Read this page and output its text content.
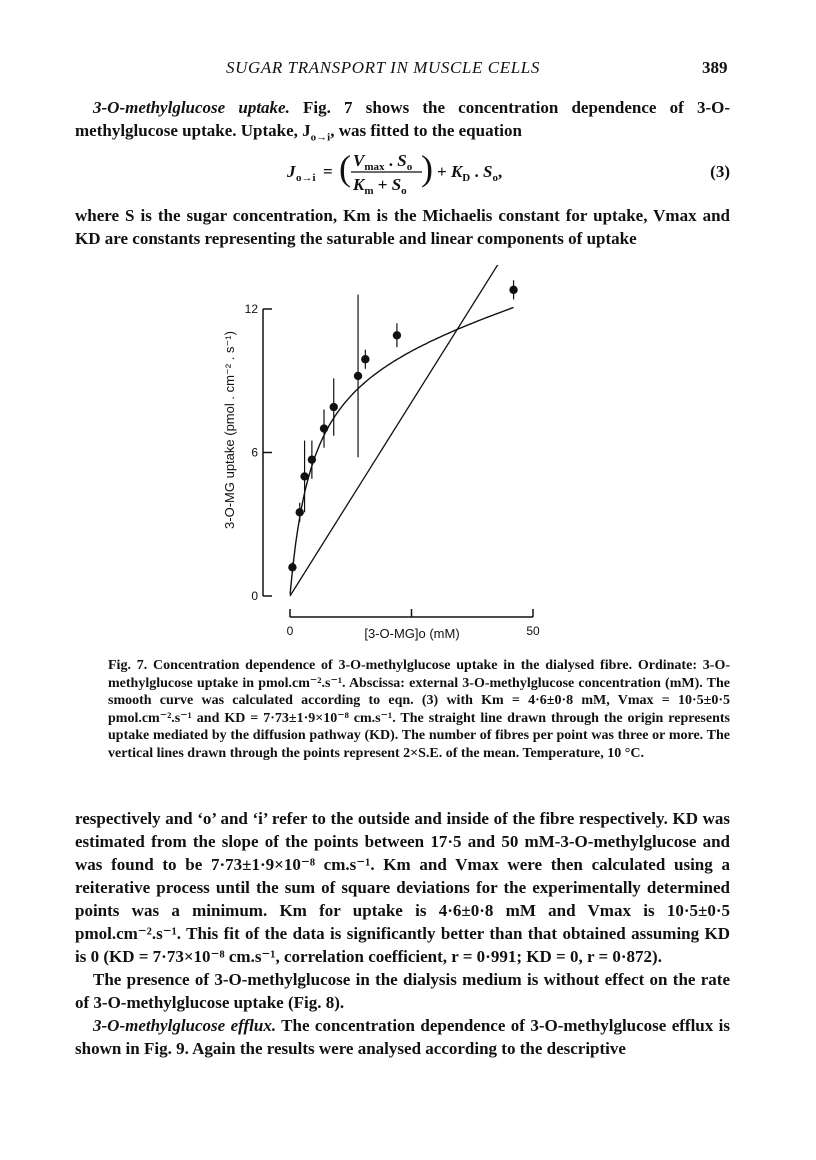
SUGAR TRANSPORT IN MUSCLE CELLS	389

3-O-methylglucose uptake. Fig. 7 shows the concentration dependence of 3-O-methylglucose uptake. Uptake, $J_{o\to i}$, was fitted to the equation

J o→i = ( $V_{max}$ . $S_o$
$K_m + S_o$
) + $K_D$ . $S_o$,	(3)

where S is the sugar concentration, Km is the Michaelis constant for uptake, Vmax and KD are constants representing the saturable and linear components of uptake

0
6
12
0	50
3-O-MG uptake (pmol . cm⁻² . s⁻¹)
[3-O-MG]o (mM)

Fig. 7. Concentration dependence of 3-O-methylglucose uptake in the dialysed fibre. Ordinate: 3-O-methylglucose uptake in pmol.cm⁻².s⁻¹. Abscissa: external 3-O-methylglucose concentration (mM). The smooth curve was calculated according to eqn. (3) with Km = 4·6±0·8 mM, Vmax = 10·5±0·5 pmol.cm⁻².s⁻¹ and KD = 7·73±1·9×10⁻⁸ cm.s⁻¹. The straight line drawn through the origin represents uptake mediated by the diffusion pathway (KD). The number of fibres per point was three or more. The vertical lines drawn through the points represent 2×S.E. of the mean. Temperature, 10 °C.

respectively and ‘o’ and ‘i’ refer to the outside and inside of the fibre respectively. KD was estimated from the slope of the points between 17·5 and 50 mM-3-O-methylglucose and was found to be 7·73±1·9×10⁻⁸ cm.s⁻¹. Km and Vmax were then calculated using a reiterative process until the sum of square deviations for the experimentally determined points was a minimum. Km for uptake is 4·6±0·8 mM and Vmax is 10·5±0·5 pmol.cm⁻².s⁻¹. This fit of the data is significantly better than that obtained assuming KD is 0 (KD = 7·73×10⁻⁸ cm.s⁻¹, correlation coefficient, r = 0·991; KD = 0, r = 0·872).

The presence of 3-O-methylglucose in the dialysis medium is without effect on the rate of 3-O-methylglucose uptake (Fig. 8).

3-O-methylglucose efflux. The concentration dependence of 3-O-methylglucose efflux is shown in Fig. 9. Again the results were analysed according to the descriptive
